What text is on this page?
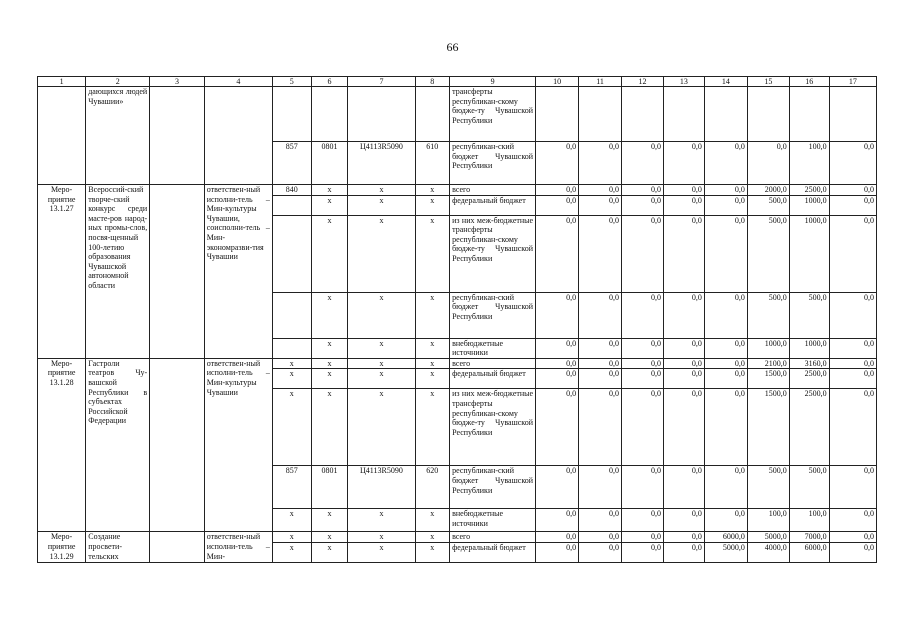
66
1	2	3	4	5	6	7	8	9	10	11	12	13	14	15	16	17
	дающихся людей Чувашии»							трансферты республикан-скому бюдже-ту Чувашской Республики								
				857	0801	Ц4113R5090	610	республикан-ский бюджет Чувашской Республики	0,0	0,0	0,0	0,0	0,0	0,0	100,0	0,0
Меро-приятие 13.1.27	Всероссий-ский творче-ский конкурс среди масте-ров народ-ных промы-слов, посвя-щенный 100-летию образования Чувашской автономной области		ответствен-ный исполни-тель – Мин-культуры Чувашии, соисполни-тель – Мин-экономразви-тия Чувашии	840	x	x	x	всего	0,0	0,0	0,0	0,0	0,0	2000,0	2500,0	0,0
					x	x	x	федеральный бюджет	0,0	0,0	0,0	0,0	0,0	500,0	1000,0	0,0
					x	x	x	из них меж-бюджетные трансферты республикан-скому бюдже-ту Чувашской Республики	0,0	0,0	0,0	0,0	0,0	500,0	1000,0	0,0
					x	x	x	республикан-ский бюджет Чувашской Республики	0,0	0,0	0,0	0,0	0,0	500,0	500,0	0,0
					x	x	x	внебюджетные источники	0,0	0,0	0,0	0,0	0,0	1000,0	1000,0	0,0
Меро-приятие 13.1.28	Гастроли театров Чу-вашской Республики в субъектах Российской Федерации		ответствен-ный исполни-тель – Мин-культуры Чувашии	x	x	x	x	всего	0,0	0,0	0,0	0,0	0,0	2100,0	3160,0	0,0
				x	x	x	x	федеральный бюджет	0,0	0,0	0,0	0,0	0,0	1500,0	2500,0	0,0
				x	x	x	x	из них меж-бюджетные трансферты республикан-скому бюдже-ту Чувашской Республики	0,0	0,0	0,0	0,0	0,0	1500,0	2500,0	0,0
				857	0801	Ц4113R5090	620	республикан-ский бюджет Чувашской Республики	0,0	0,0	0,0	0,0	0,0	500,0	500,0	0,0
				x	x	x	x	внебюджетные источники	0,0	0,0	0,0	0,0	0,0	100,0	100,0	0,0
Меро-приятие 13.1.29	Создание просвети-тельских		ответствен-ный исполни-тель – Мин-	x	x	x	x	всего	0,0	0,0	0,0	0,0	6000,0	5000,0	7000,0	0,0
				x	x	x	x	федеральный бюджет	0,0	0,0	0,0	0,0	5000,0	4000,0	6000,0	0,0
